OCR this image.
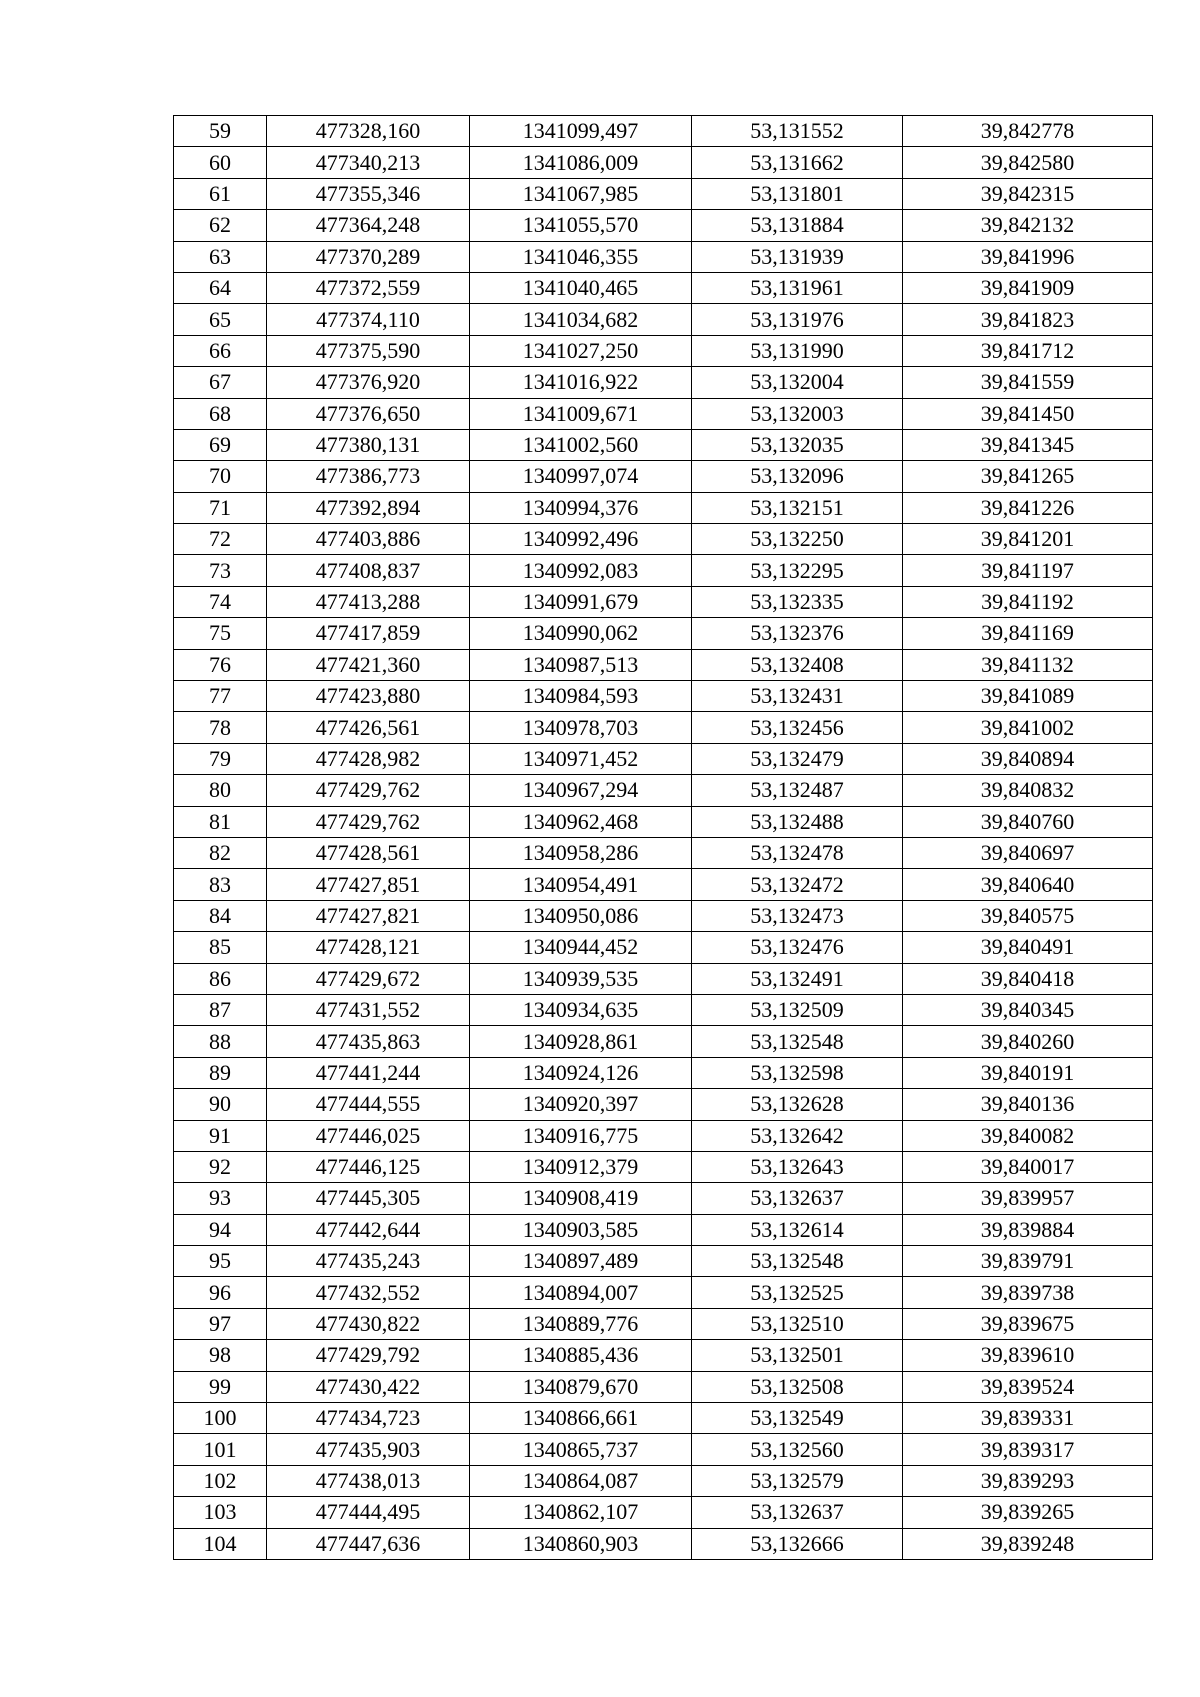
59	477328,160	1341099,497	53,131552	39,842778
60	477340,213	1341086,009	53,131662	39,842580
61	477355,346	1341067,985	53,131801	39,842315
62	477364,248	1341055,570	53,131884	39,842132
63	477370,289	1341046,355	53,131939	39,841996
64	477372,559	1341040,465	53,131961	39,841909
65	477374,110	1341034,682	53,131976	39,841823
66	477375,590	1341027,250	53,131990	39,841712
67	477376,920	1341016,922	53,132004	39,841559
68	477376,650	1341009,671	53,132003	39,841450
69	477380,131	1341002,560	53,132035	39,841345
70	477386,773	1340997,074	53,132096	39,841265
71	477392,894	1340994,376	53,132151	39,841226
72	477403,886	1340992,496	53,132250	39,841201
73	477408,837	1340992,083	53,132295	39,841197
74	477413,288	1340991,679	53,132335	39,841192
75	477417,859	1340990,062	53,132376	39,841169
76	477421,360	1340987,513	53,132408	39,841132
77	477423,880	1340984,593	53,132431	39,841089
78	477426,561	1340978,703	53,132456	39,841002
79	477428,982	1340971,452	53,132479	39,840894
80	477429,762	1340967,294	53,132487	39,840832
81	477429,762	1340962,468	53,132488	39,840760
82	477428,561	1340958,286	53,132478	39,840697
83	477427,851	1340954,491	53,132472	39,840640
84	477427,821	1340950,086	53,132473	39,840575
85	477428,121	1340944,452	53,132476	39,840491
86	477429,672	1340939,535	53,132491	39,840418
87	477431,552	1340934,635	53,132509	39,840345
88	477435,863	1340928,861	53,132548	39,840260
89	477441,244	1340924,126	53,132598	39,840191
90	477444,555	1340920,397	53,132628	39,840136
91	477446,025	1340916,775	53,132642	39,840082
92	477446,125	1340912,379	53,132643	39,840017
93	477445,305	1340908,419	53,132637	39,839957
94	477442,644	1340903,585	53,132614	39,839884
95	477435,243	1340897,489	53,132548	39,839791
96	477432,552	1340894,007	53,132525	39,839738
97	477430,822	1340889,776	53,132510	39,839675
98	477429,792	1340885,436	53,132501	39,839610
99	477430,422	1340879,670	53,132508	39,839524
100	477434,723	1340866,661	53,132549	39,839331
101	477435,903	1340865,737	53,132560	39,839317
102	477438,013	1340864,087	53,132579	39,839293
103	477444,495	1340862,107	53,132637	39,839265
104	477447,636	1340860,903	53,132666	39,839248
